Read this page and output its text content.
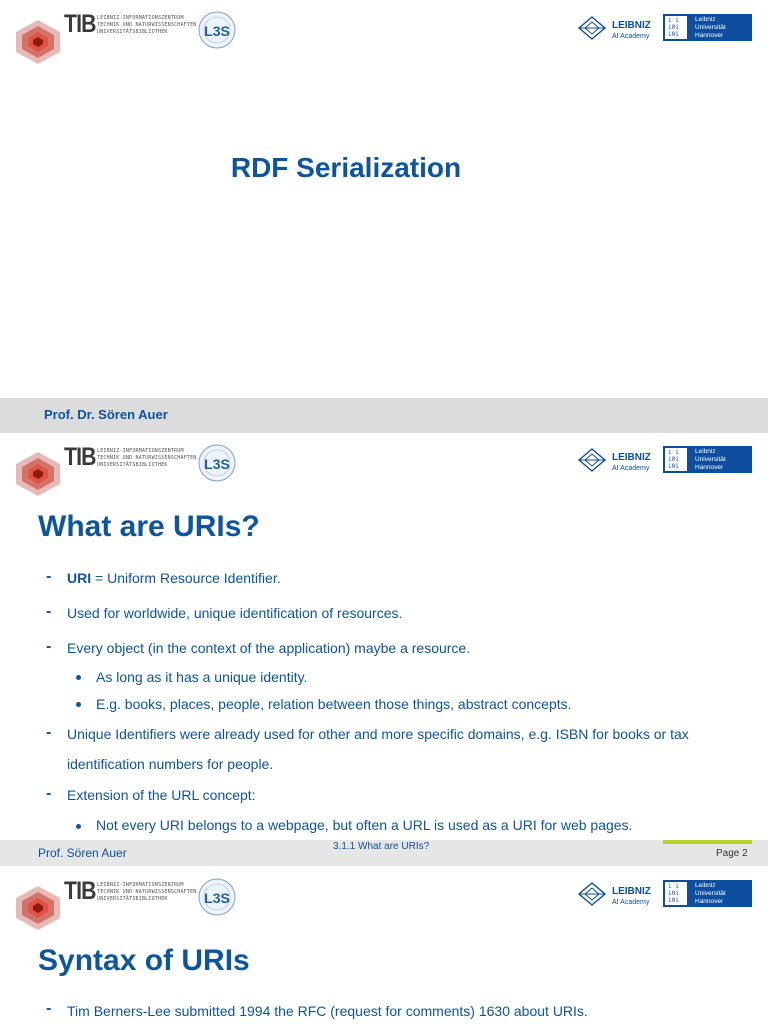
TIB LEIBNIZ-INFORMATIONSZENTRUM
TECHNIK UND NATURWISSENSCHAFTEN
UNIVERSITÄTSBIBLIOTHEK	L3S	LEIBNIZ
AI Academy
i i
i0i
i0i
Leibniz
Universität
Hannover
RDF Serialization
Prof. Dr. Sören Auer
TIB LEIBNIZ-INFORMATIONSZENTRUM
TECHNIK UND NATURWISSENSCHAFTEN
UNIVERSITÄTSBIBLIOTHEK	L3S	LEIBNIZ
AI Academy
i i
i0i
i0i
Leibniz
Universität
Hannover
What are URIs?
- URI = Uniform Resource Identifier.
- Used for worldwide, unique identification of resources.
- Every object (in the context of the application) maybe a resource.
As long as it has a unique identity.
E.g. books, places, people, relation between those things, abstract concepts.
- Unique Identifiers were already used for other and more specific domains, e.g. ISBN for books or tax
identification numbers for people.
- Extension of the URL concept:
Not every URI belongs to a webpage, but often a URL is used as a URI for web pages.
Prof. Sören Auer	3.1.1 What are URIs?
Page 2
TIB LEIBNIZ-INFORMATIONSZENTRUM
TECHNIK UND NATURWISSENSCHAFTEN
UNIVERSITÄTSBIBLIOTHEK	L3S	LEIBNIZ
AI Academy
i i
i0i
i0i
Leibniz
Universität
Hannover
Syntax of URIs
- Tim Berners-Lee submitted 1994 the RFC (request for comments) 1630 about URIs.
